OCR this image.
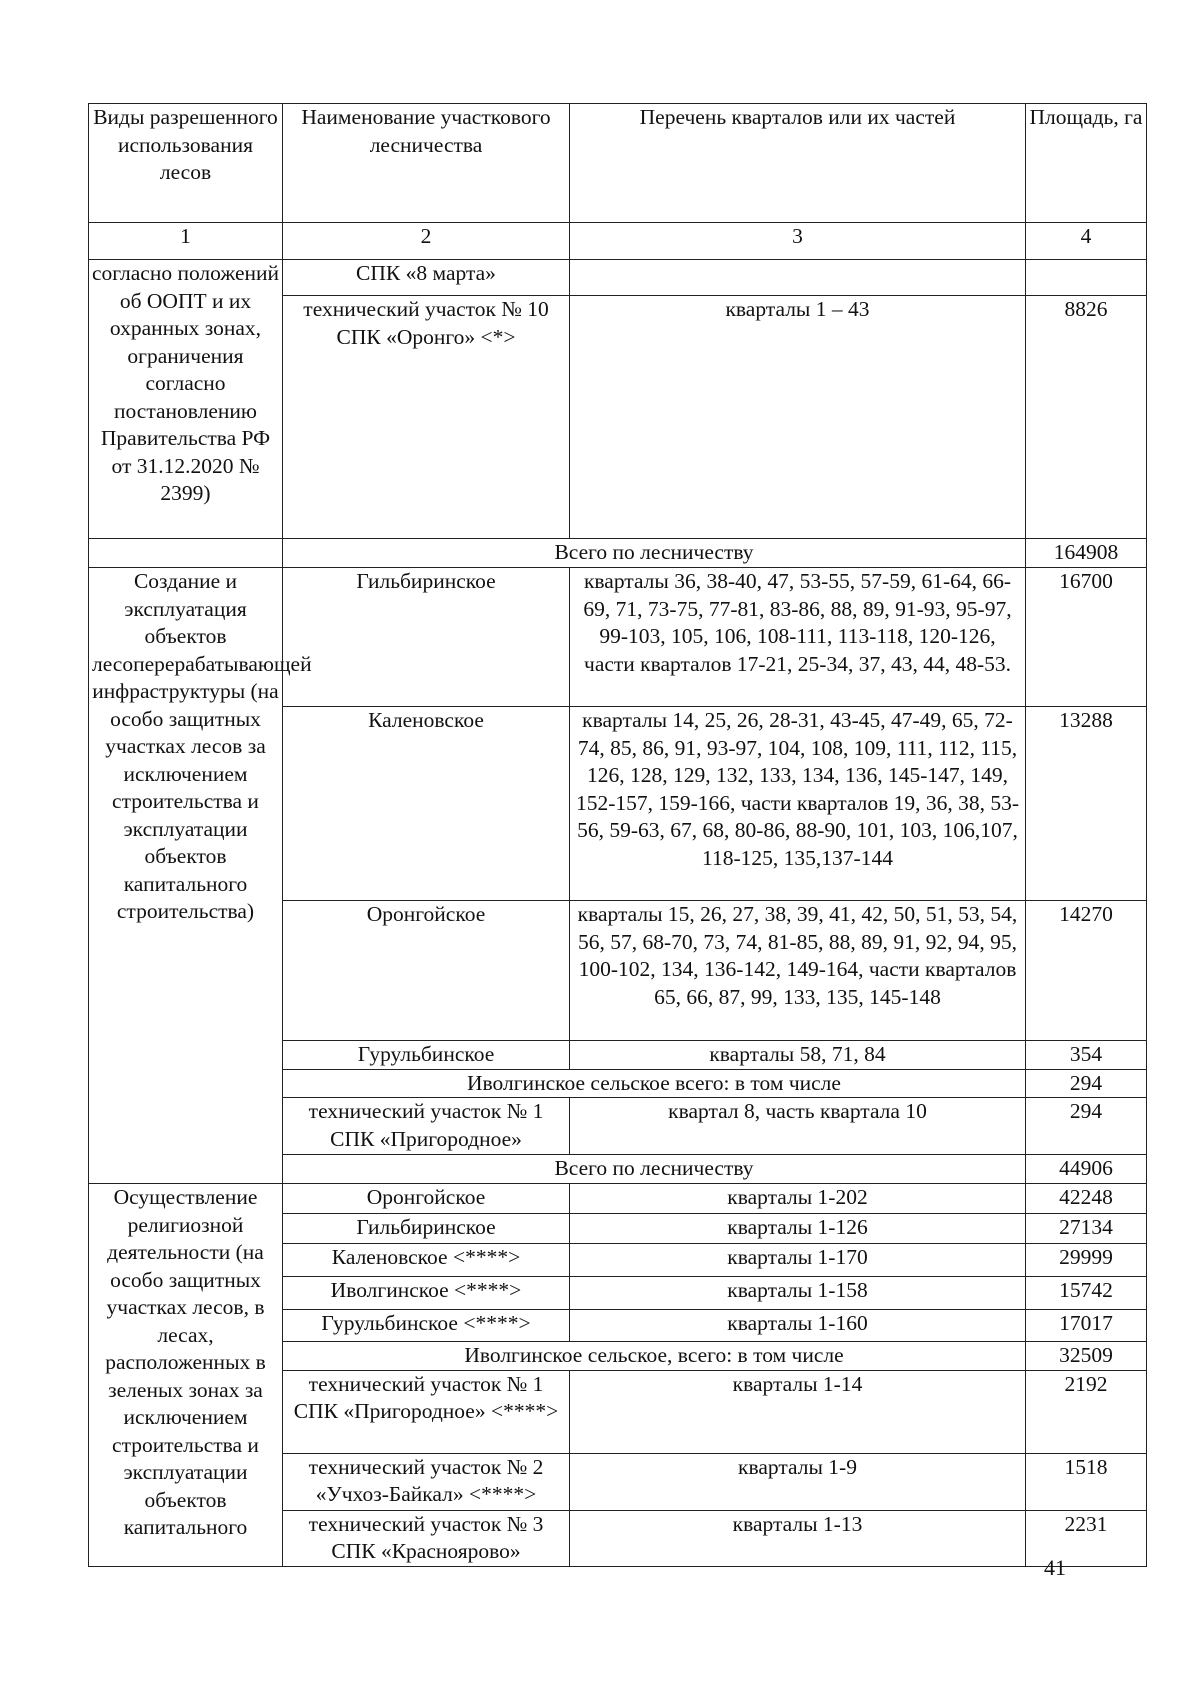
Виды разрешенного использования лесов	Наименование участкового лесничества	Перечень кварталов или их частей	Площадь, га
1	2	3	4
согласно положений об ООПТ и их охранных зонах, ограничения согласно постановлению Правительства РФ от 31.12.2020 № 2399)	СПК «8 марта»		
	технический участок № 10 СПК «Оронго» <*>	кварталы 1 – 43	8826
	Всего по лесничеству		164908
Создание и эксплуатация объектов лесоперерабатывающей инфраструктуры (на особо защитных участках лесов за исключением строительства и эксплуатации объектов капитального строительства)	Гильбиринское	кварталы 36, 38-40, 47, 53-55, 57-59, 61-64, 66-69, 71, 73-75, 77-81, 83-86, 88, 89, 91-93, 95-97, 99-103, 105, 106, 108-111, 113-118, 120-126, части кварталов 17-21, 25-34, 37, 43, 44, 48-53.	16700
	Каленовское	кварталы 14, 25, 26, 28-31, 43-45, 47-49, 65, 72-74, 85, 86, 91, 93-97, 104, 108, 109, 111, 112, 115, 126, 128, 129, 132, 133, 134, 136, 145-147, 149, 152-157, 159-166, части кварталов 19, 36, 38, 53-56, 59-63, 67, 68, 80-86, 88-90, 101, 103, 106,107, 118-125, 135,137-144	13288
	Оронгойское	кварталы 15, 26, 27, 38, 39, 41, 42, 50, 51, 53, 54, 56, 57, 68-70, 73, 74, 81-85, 88, 89, 91, 92, 94, 95, 100-102, 134, 136-142, 149-164, части кварталов 65, 66, 87, 99, 133, 135, 145-148	14270
	Гурульбинское	кварталы 58, 71, 84	354
	Иволгинское сельское всего: в том числе		294
	технический участок № 1 СПК «Пригородное»	квартал 8, часть квартала 10	294
	Всего по лесничеству		44906
Осуществление религиозной деятельности (на особо защитных участках лесов, в лесах, расположенных в зеленых зонах за исключением строительства и эксплуатации объектов капитального	Оронгойское	кварталы 1-202	42248
	Гильбиринское	кварталы 1-126	27134
	Каленовское <****>	кварталы 1-170	29999
	Иволгинское <****>	кварталы 1-158	15742
	Гурульбинское <****>	кварталы 1-160	17017
	Иволгинское сельское, всего: в том числе		32509
	технический участок № 1 СПК «Пригородное» <****>	кварталы 1-14	2192
	технический участок № 2 «Учхоз-Байкал» <****>	кварталы 1-9	1518
	технический участок № 3 СПК «Красноярово»	кварталы 1-13	2231
41
